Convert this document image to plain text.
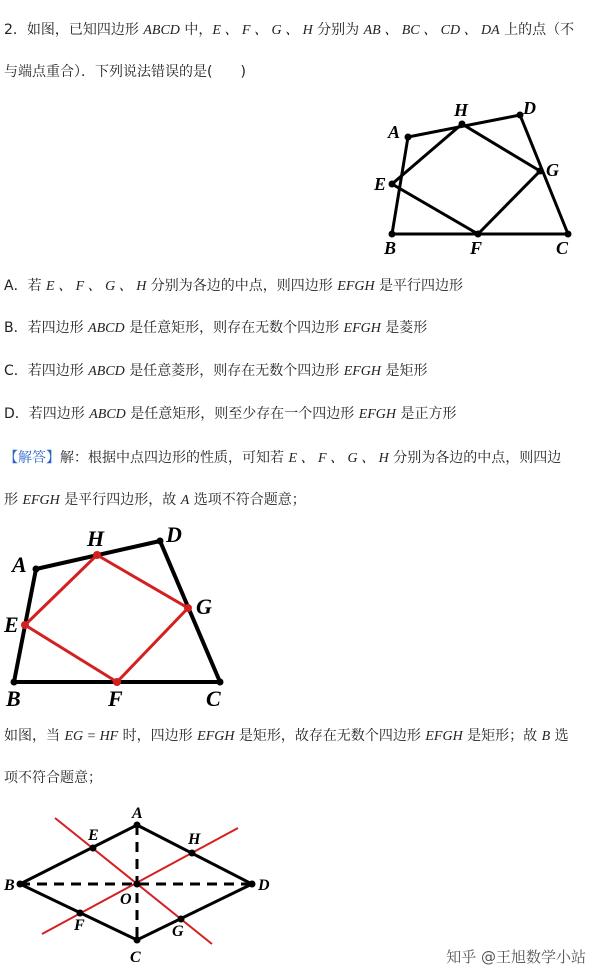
2．如图，已知四边形 ABCD 中，E 、 F 、 G 、 H 分别为 AB 、 BC 、 CD 、 DA 上的点（不
与端点重合）．下列说法错误的是(　　)
A
H	D
E
G
B	F	C
A．若 E 、 F 、 G 、 H 分别为各边的中点，则四边形 EFGH 是平行四边形
B．若四边形 ABCD 是任意矩形，则存在无数个四边形 EFGH 是菱形
C．若四边形 ABCD 是任意菱形，则存在无数个四边形 EFGH 是矩形
D．若四边形 ABCD 是任意矩形，则至少存在一个四边形 EFGH 是正方形
【解答】解：根据中点四边形的性质，可知若 E 、 F 、 G 、 H 分别为各边的中点，则四边
形 EFGH 是平行四边形，故 A 选项不符合题意；
A
H	D
E
G
B	F	C
如图，当 EG = HF 时，四边形 EFGH 是矩形，故存在无数个四边形 EFGH 是矩形；故 B 选
项不符合题意；
A
E	H
B	D
O
F	G
C	知乎 @王旭数学小站
